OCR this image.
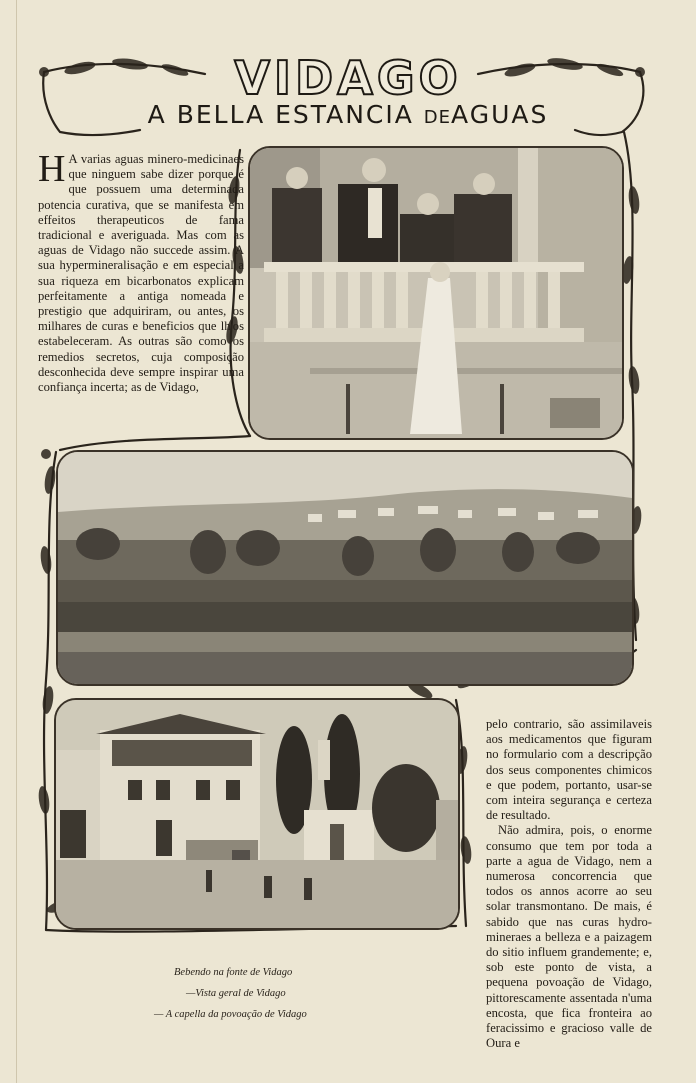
VIDAGO
A BELLA ESTANCIA DEAGUAS

H A varias aguas minero-medicinaes que ninguem sabe dizer porque é que possuem uma determinada potencia curativa, que se manifesta em effeitos therapeuticos de fama tradicional e averiguada. Mas com as aguas de Vidago não succede assim. A sua hypermineralisação e em especial a sua riqueza em bicarbonatos explicam perfeitamente a antiga nomeada e prestigio que adquiriram, ou antes, os milhares de curas e beneficios que lh'os estabeleceram. As outras são como os remedios secretos, cuja composição desconhecida deve sempre inspirar uma confiança incerta; as de Vidago,

Bebendo na fonte de Vidago
—Vista geral de Vidago
— A capella da povoação de Vidago

pelo contrario, são assimilaveis aos medicamentos que figuram no formulario com a descripção dos seus componentes chimicos e que podem, portanto, usar-se com inteira segurança e certeza de resultado.

Não admira, pois, o enorme consumo que tem por toda a parte a agua de Vidago, nem a numerosa concorrencia que todos os annos acorre ao seu solar transmontano. De mais, é sabido que nas curas hydro-mineraes a belleza e a paizagem do sitio influem grandemente; e, sob este ponto de vista, a pequena povoação de Vidago, pittorescamente assentada n'uma encosta, que fica fronteira ao feracissimo e gracioso valle de Oura e
